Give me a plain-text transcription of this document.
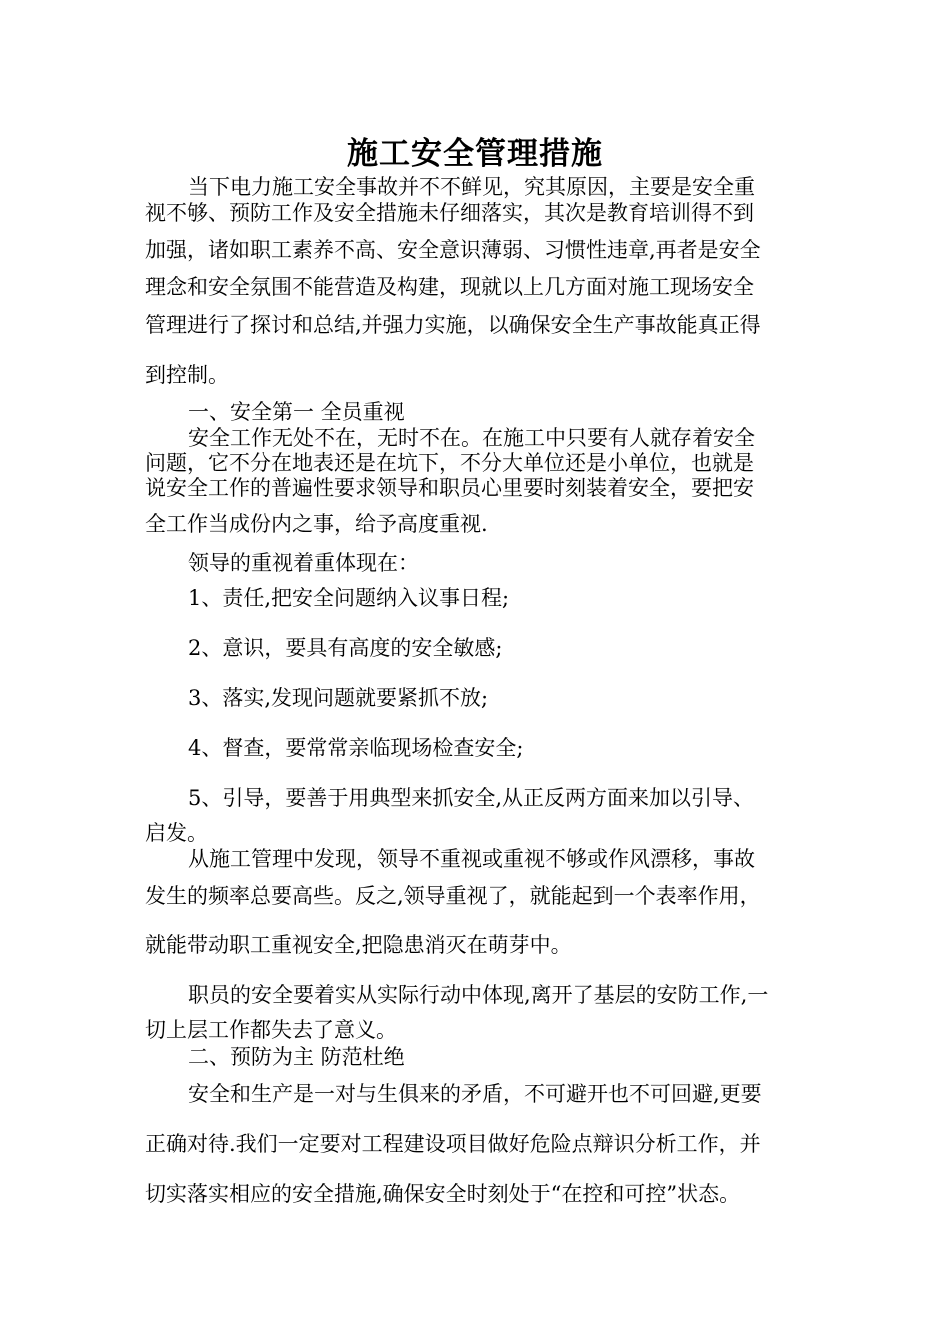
施工安全管理措施
当下电力施工安全事故并不不鲜见，究其原因，主要是安全重
视不够、预防工作及安全措施未仔细落实，其次是教育培训得不到
加强，诸如职工素养不高、安全意识薄弱、习惯性违章,再者是安全
理念和安全氛围不能营造及构建，现就以上几方面对施工现场安全
管理进行了探讨和总结,并强力实施，以确保安全生产事故能真正得
到控制。
一、安全第一 全员重视
安全工作无处不在，无时不在。在施工中只要有人就存着安全
问题，它不分在地表还是在坑下，不分大单位还是小单位，也就是
说安全工作的普遍性要求领导和职员心里要时刻装着安全，要把安
全工作当成份内之事，给予高度重视.
领导的重视着重体现在：
1、责任,把安全问题纳入议事日程;
2、意识，要具有高度的安全敏感;
3、落实,发现问题就要紧抓不放;
4、督查，要常常亲临现场检查安全;
5、引导，要善于用典型来抓安全,从正反两方面来加以引导、
启发。
从施工管理中发现，领导不重视或重视不够或作风漂移，事故
发生的频率总要高些。反之,领导重视了，就能起到一个表率作用，
就能带动职工重视安全,把隐患消灭在萌芽中。
职员的安全要着实从实际行动中体现,离开了基层的安防工作,一
切上层工作都失去了意义。
二、预防为主 防范杜绝
安全和生产是一对与生俱来的矛盾，不可避开也不可回避,更要
正确对待.我们一定要对工程建设项目做好危险点辩识分析工作，并
切实落实相应的安全措施,确保安全时刻处于“在控和可控”状态。
